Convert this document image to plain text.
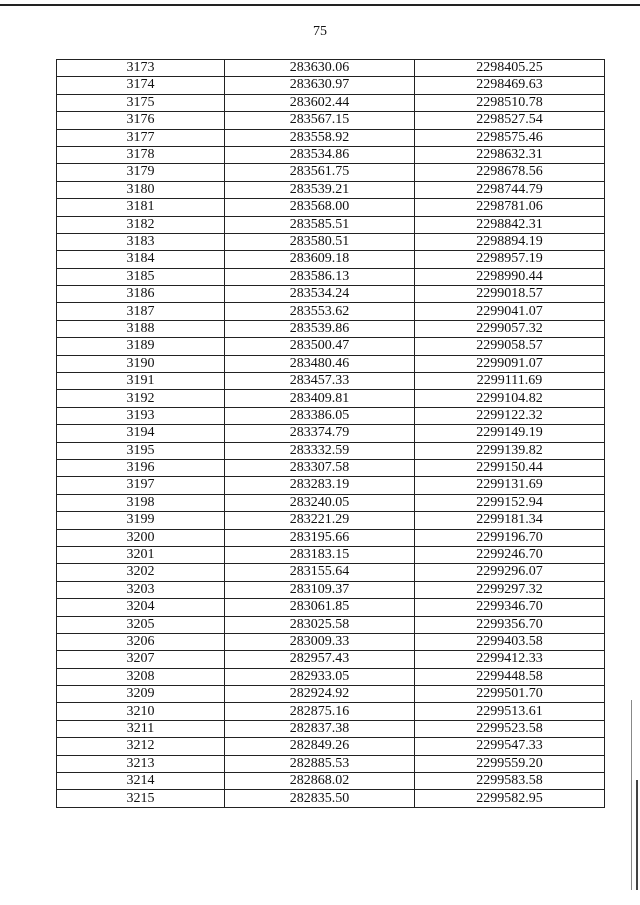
75
3173	283630.06	2298405.25
3174	283630.97	2298469.63
3175	283602.44	2298510.78
3176	283567.15	2298527.54
3177	283558.92	2298575.46
3178	283534.86	2298632.31
3179	283561.75	2298678.56
3180	283539.21	2298744.79
3181	283568.00	2298781.06
3182	283585.51	2298842.31
3183	283580.51	2298894.19
3184	283609.18	2298957.19
3185	283586.13	2298990.44
3186	283534.24	2299018.57
3187	283553.62	2299041.07
3188	283539.86	2299057.32
3189	283500.47	2299058.57
3190	283480.46	2299091.07
3191	283457.33	2299111.69
3192	283409.81	2299104.82
3193	283386.05	2299122.32
3194	283374.79	2299149.19
3195	283332.59	2299139.82
3196	283307.58	2299150.44
3197	283283.19	2299131.69
3198	283240.05	2299152.94
3199	283221.29	2299181.34
3200	283195.66	2299196.70
3201	283183.15	2299246.70
3202	283155.64	2299296.07
3203	283109.37	2299297.32
3204	283061.85	2299346.70
3205	283025.58	2299356.70
3206	283009.33	2299403.58
3207	282957.43	2299412.33
3208	282933.05	2299448.58
3209	282924.92	2299501.70
3210	282875.16	2299513.61
3211	282837.38	2299523.58
3212	282849.26	2299547.33
3213	282885.53	2299559.20
3214	282868.02	2299583.58
3215	282835.50	2299582.95
